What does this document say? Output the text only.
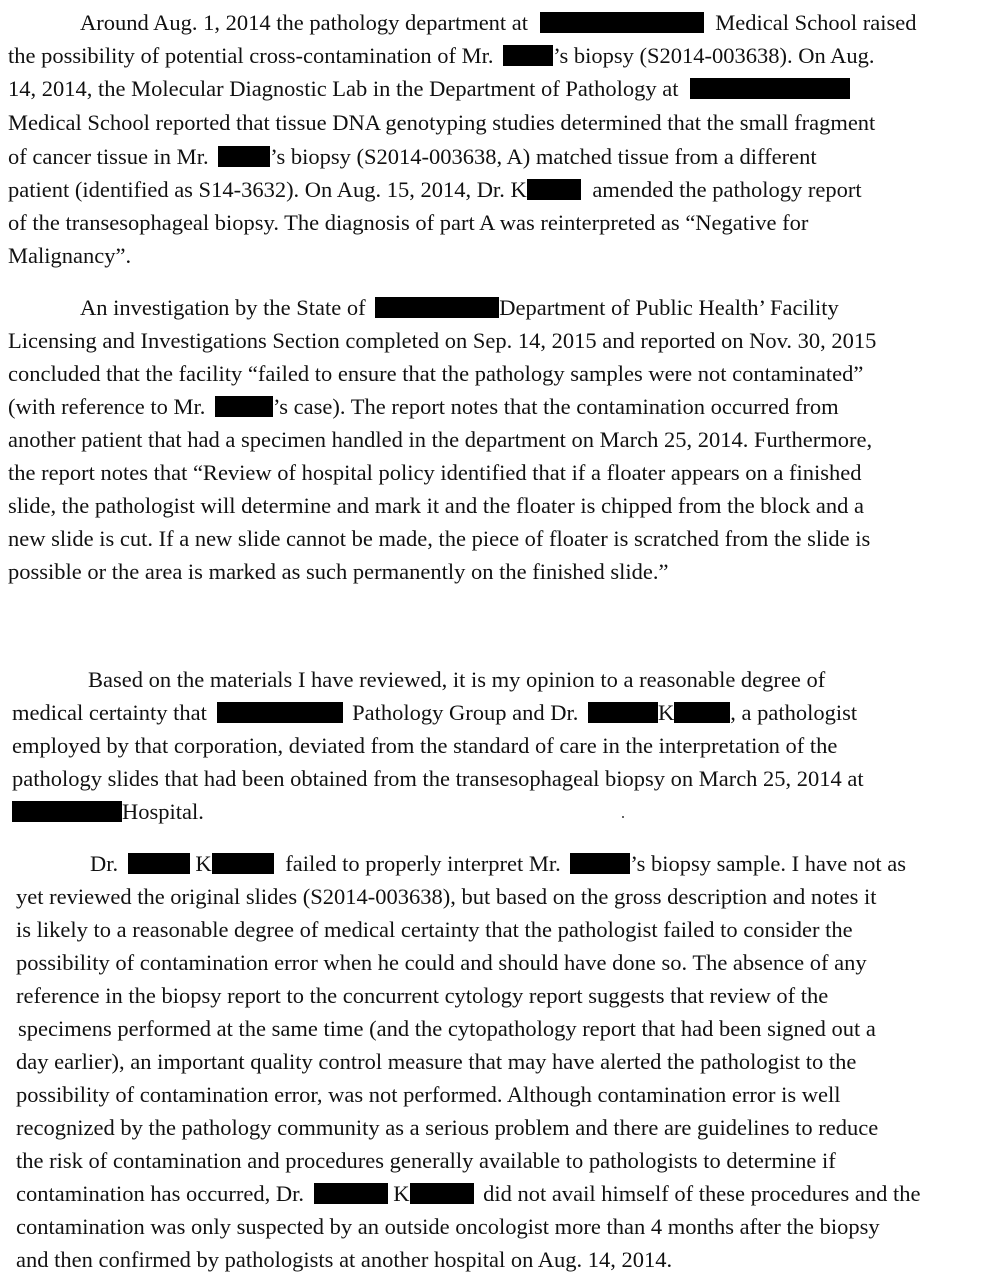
Around Aug. 1, 2014 the pathology department at	Medical School raised
the possibility of potential cross-contamination of Mr.	’s biopsy (S2014-003638). On Aug.
14, 2014, the Molecular Diagnostic Lab in the Department of Pathology at
Medical School reported that tissue DNA genotyping studies determined that the small fragment
of cancer tissue in Mr.	’s biopsy (S2014-003638, A) matched tissue from a different
patient (identified as S14-3632). On Aug. 15, 2014, Dr. K	amended the pathology report
of the transesophageal biopsy. The diagnosis of part A was reinterpreted as “Negative for
Malignancy”.
An investigation by the State of	Department of Public Health’ Facility
Licensing and Investigations Section completed on Sep. 14, 2015 and reported on Nov. 30, 2015
concluded that the facility “failed to ensure that the pathology samples were not contaminated”
(with reference to Mr.	’s case). The report notes that the contamination occurred from
another patient that had a specimen handled in the department on March 25, 2014. Furthermore,
the report notes that “Review of hospital policy identified that if a floater appears on a finished
slide, the pathologist will determine and mark it and the floater is chipped from the block and a
new slide is cut. If a new slide cannot be made, the piece of floater is scratched from the slide is
possible or the area is marked as such permanently on the finished slide.”
Based on the materials I have reviewed, it is my opinion to a reasonable degree of
medical certainty that	Pathology Group and Dr.	K , a pathologist
employed by that corporation, deviated from the standard of care in the interpretation of the
pathology slides that had been obtained from the transesophageal biopsy on March 25, 2014 at
Hospital.
Dr.	K	failed to properly interpret Mr.	’s biopsy sample. I have not as
yet reviewed the original slides (S2014-003638), but based on the gross description and notes it
is likely to a reasonable degree of medical certainty that the pathologist failed to consider the
possibility of contamination error when he could and should have done so. The absence of any
reference in the biopsy report to the concurrent cytology report suggests that review of the
specimens performed at the same time (and the cytopathology report that had been signed out a
day earlier), an important quality control measure that may have alerted the pathologist to the
possibility of contamination error, was not performed. Although contamination error is well
recognized by the pathology community as a serious problem and there are guidelines to reduce
the risk of contamination and procedures generally available to pathologists to determine if
contamination has occurred, Dr.	K	did not avail himself of these procedures and the
contamination was only suspected by an outside oncologist more than 4 months after the biopsy
and then confirmed by pathologists at another hospital on Aug. 14, 2014.
